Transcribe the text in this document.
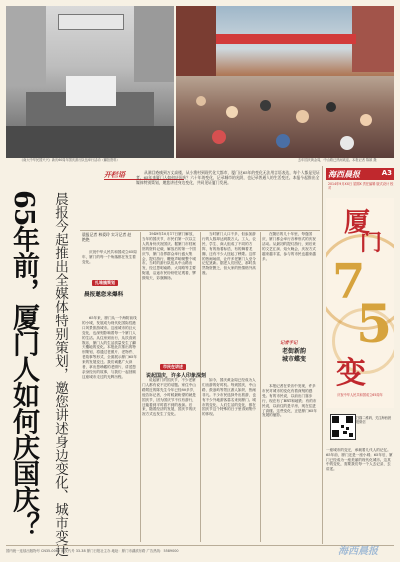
《南大中华民国兴兴》新庆60周年国庆游行队伍举行活动（翻拍资料）	去年国庆黄金周，中山路已热闹欢迎。本报记者 陈颖 摄
开栏语	从满目疮痍到万丈高楼，从小渔村到现代化大都市，厦门这65年的变化无法用言语表达，每个人都是见证者。65年来厦门人如何庆国庆？六十年的变化，记录城市的光阴，也记录普通人的生活变迁。本报今起推出全媒体特别策划，邀您讲述身边变化，共同见证厦门发展。
海西晨报	A3
2014年9月XX日 星期X 责任编辑 版式设计 校对
厦
门
7
5
变
庆祝中华人民共和国成立65周年
扫描二维码，关注海西晨报微信
一座城市的变迁，承载着几代人的记忆。65年前，厦门还是一座小城；65年后，厦门已经成为一座美丽的现代化城市。这其中的变化，需要我们每一个人去记录、去讲述。
65年前，厦门人如何庆国庆？ 晨报今起推出全媒体特别策划，邀您讲述身边变化、城市变迁	晨报记者 林爱玲 实习记者 赵艳艳
庆祝中华人民共和国成立65周年，厦门的每一个角落都在发生着变化。
扎堆搞策划
晨报邀您来爆料
65年来，厦门从一个海防前线的小城，发展成为现代化国际性港口风景旅游城市。这座城市的巨大变化，也深刻影响着每一个厦门人的生活。从住房到出行，从饮食到娱乐，厦门人的生活质量发生了翻天覆地的变化。本报此次推出的特别策划，将通过老照片、老物件、老故事等形式，全面展示厦门65年来的发展变迁。我们诚邀广大读者，拿出您珍藏的老照片，讲述您亲身经历的故事，与我们一起回顾这座城市走过的光辉历程。
1949年10月17日厦门解放，当年的国庆节，市民们第一次以主人的身份庆祝国庆。据厦门市档案馆的资料记载，解放后的第一个国庆节，厦门各界群众举行盛大集会，提灯游行，鞭炮声响彻整个城市。当时的游行队伍从中山路出发，经过思明南路、大同路等主要街道，沿途市民纷纷驻足观看，锣鼓喧天，彩旗飘扬。
当时厦门人口不多，但参加游行的人数却达到数万人。工人、农民、学生、商人组成了不同的方阵，有的抬着标语，有的舞着龙狮，还有不少人扭起了秧歌。这样的热闹场面，让许多老厦门人至今记忆犹新。据老人们回忆，那时虽然物资匮乏，但大家的热情格外高涨。
在随后的几十年里，每逢国庆，厦门都会举行各种形式的庆祝活动。从最初的提灯游行，到后来的文艺汇演、焰火晚会，庆祝方式越来越丰富，参与的市民也越来越多。
市民在讲述
说起国庆，许多人印象深刻
说起厦门的国庆节，不少老厦门人都有说不完的话题。家住中山路附近的陈先生今年已经80多岁，他告诉记者，小时候最盼望的就是国庆节，因为国庆节不仅有游行，还能看到平时看不到的表演。后来，随着经济的发展，国庆节的庆祝方式也发生了变化。
如今，国庆黄金周已经成为人们出游的好时机。每到国庆，中山路、鼓浪屿等景区游人如织，热闹非凡。不少市民选择外出旅游，也有不少外地游客慕名来到厦门。城市的变化，人们生活的变化，都在国庆节这个特殊的日子里得到集中的体现。
记者手记
老街新韵
城市蝶变
本报记者在采访中发现，许多市民对城市的变化有着深刻的感受。有的市民说，以前出门靠步行，现在有了BRT和地铁；有的市民说，以前住的是平房，现在住进了高楼。这些变化，正是厦门65年发展的缩影。
国内统一连续出版物号 CN35-0062 邮发代号 33-38 厦门日报社主办 地址：厦门市湖滨东路 广告热线：5589000	海西晨报
